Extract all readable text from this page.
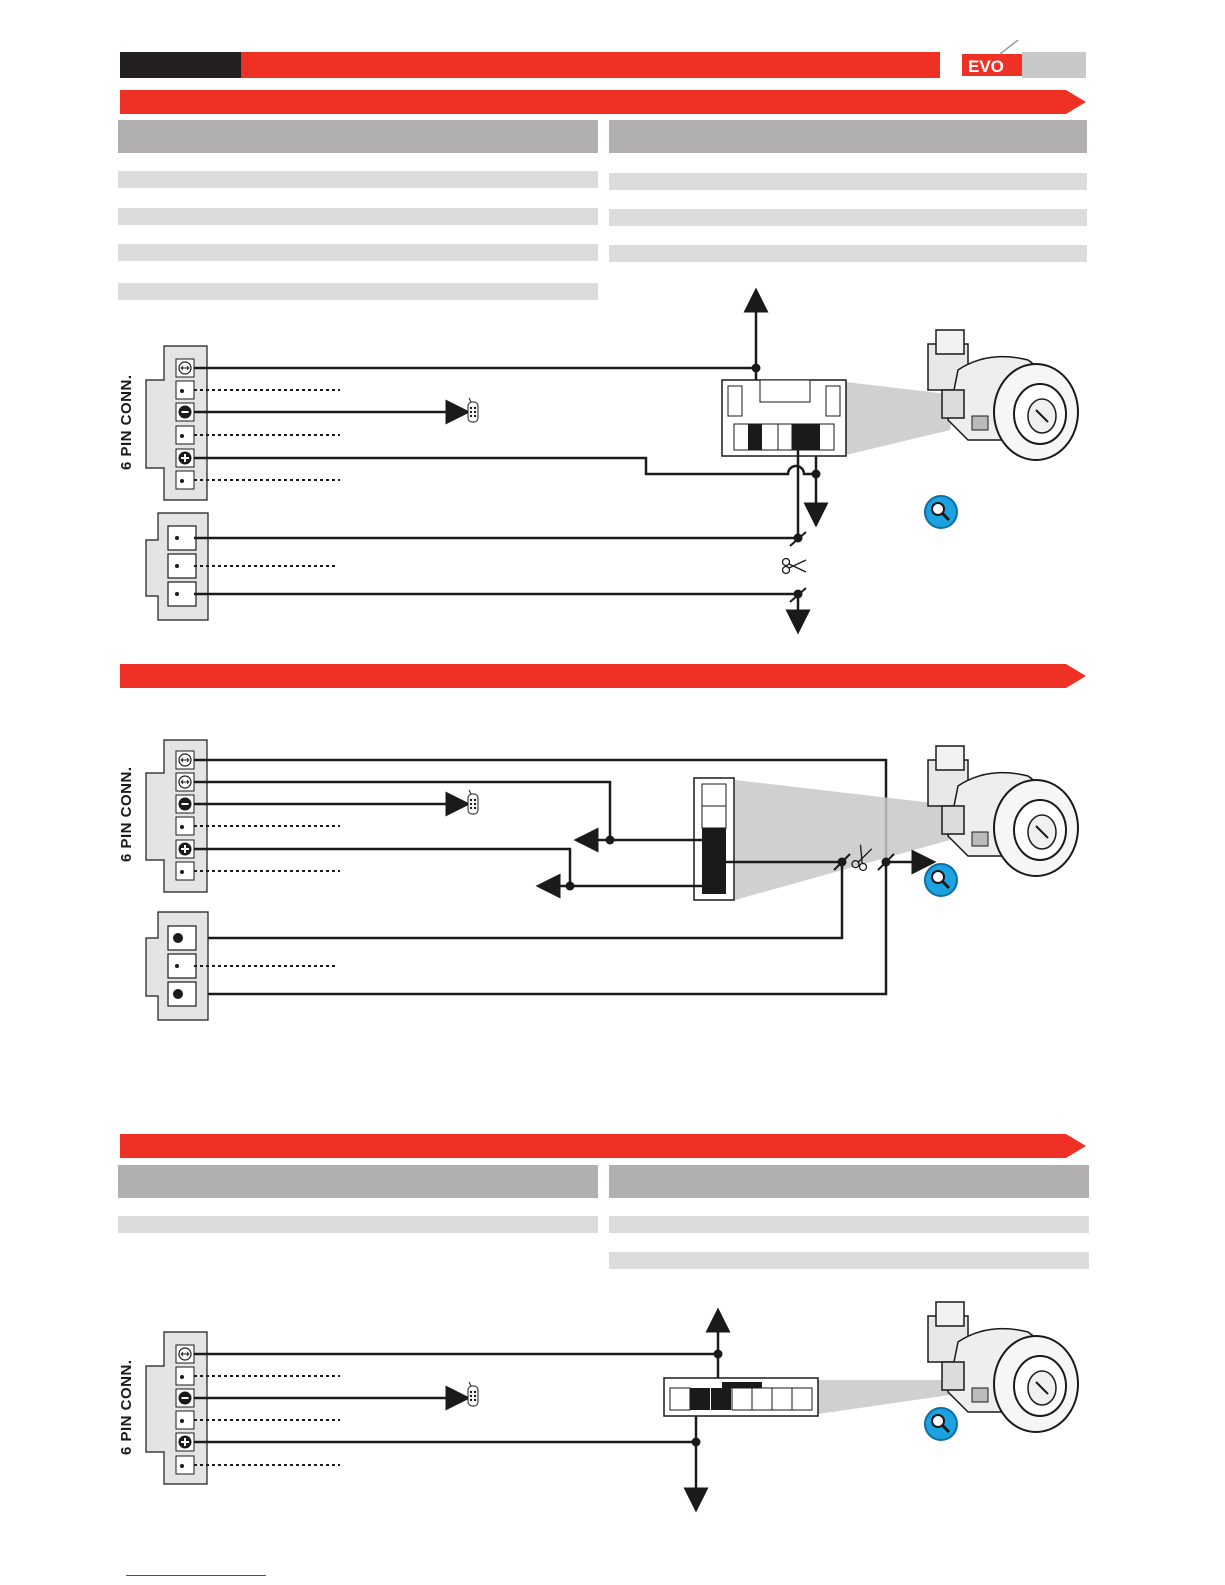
EVO
6 PIN CONN.
6 PIN CONN.
6 PIN CONN.
